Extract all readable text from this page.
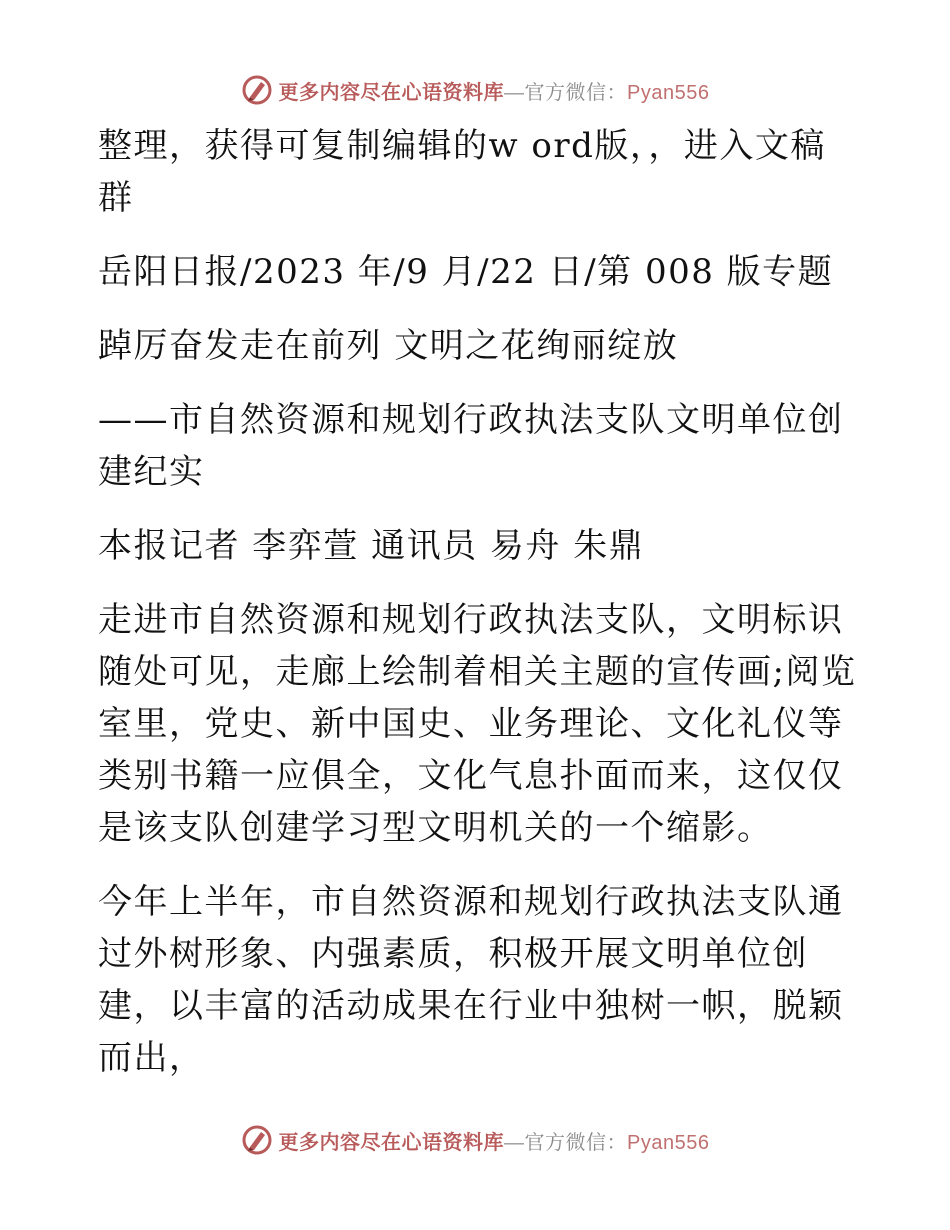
更多内容尽在心语资料库—官方微信：Pyan556

整理，获得可复制编辑的w ord版，，进入文稿群

岳阳日报/2023 年/9 月/22 日/第 008 版专题

踔厉奋发走在前列 文明之花绚丽绽放

——市自然资源和规划行政执法支队文明单位创建纪实

本报记者 李弈萱 通讯员 易舟 朱鼎

走进市自然资源和规划行政执法支队，文明标识随处可见，走廊上绘制着相关主题的宣传画;阅览室里，党史、新中国史、业务理论、文化礼仪等类别书籍一应俱全，文化气息扑面而来，这仅仅是该支队创建学习型文明机关的一个缩影。

今年上半年，市自然资源和规划行政执法支队通过外树形象、内强素质，积极开展文明单位创建，以丰富的活动成果在行业中独树一帜，脱颖而出，

更多内容尽在心语资料库—官方微信：Pyan556
